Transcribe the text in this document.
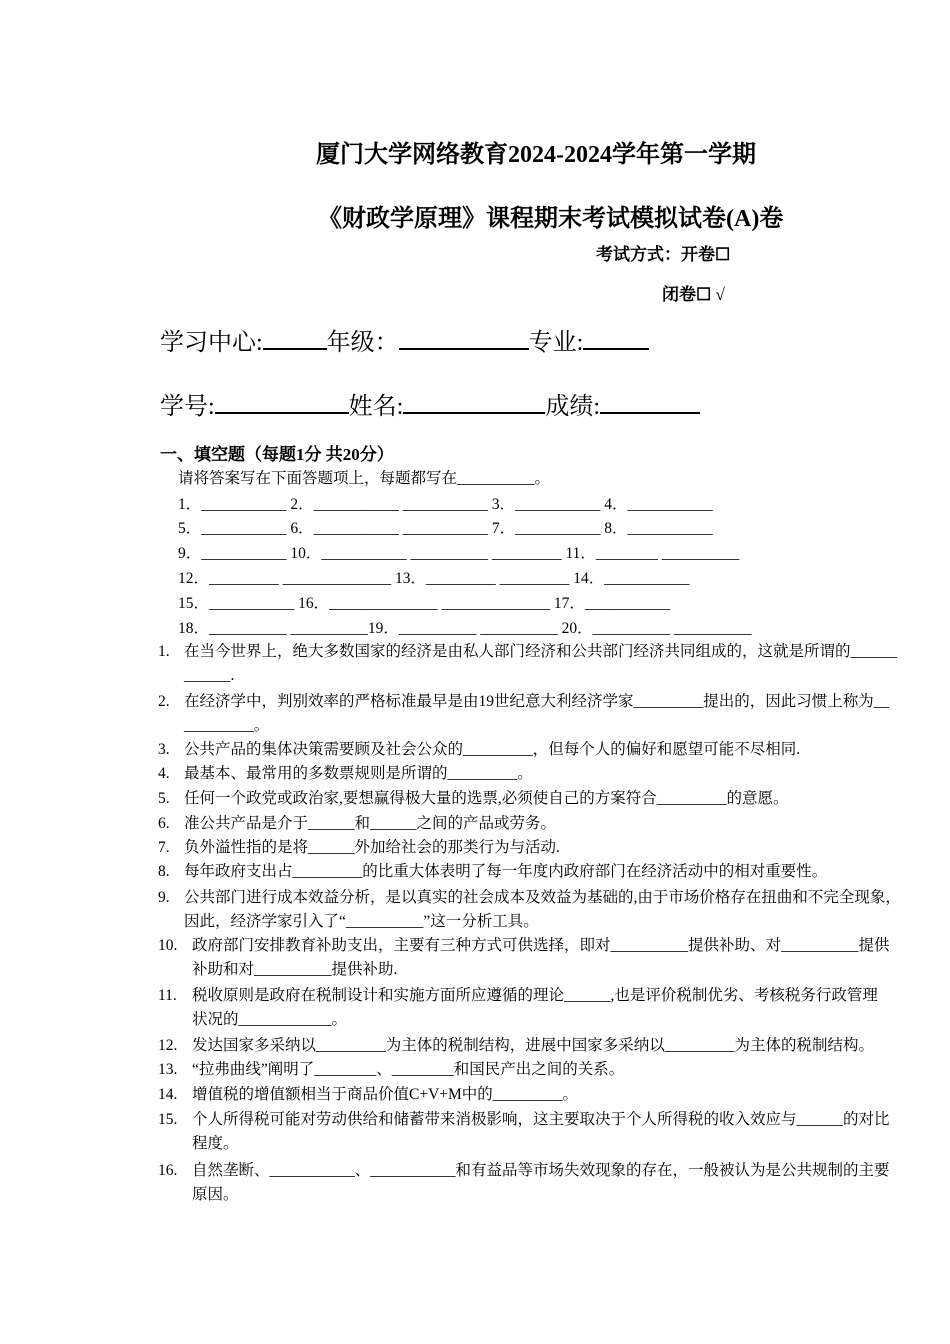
厦门大学网络教育2024-2024学年第一学期
《财政学原理》课程期末考试模拟试卷(A)卷
考试方式：开卷☐
闭卷☐ √
学习中心:	年级：	专业:
学号:	姓名:	成绩:
一、填空题（每题1分 共20分）
请将答案写在下面答题项上，每题都写在__________。
1．___________ 2．___________ ___________ 3．___________ 4．___________
5．___________ 6．___________ ___________ 7．___________ 8．___________
9．___________ 10．___________ __________ _________ 11．________ __________
12．_________ ______________ 13．_________ _________ 14．___________
15．___________ 16．______________ ______________ 17．___________
18．__________ __________19．__________ __________ 20．__________ __________
1. 在当今世界上，绝大多数国家的经济是由私人部门经济和公共部门经济共同组成的，这就是所谓的______
______.
2. 在经济学中，判别效率的严格标准最早是由19世纪意大利经济学家_________提出的，因此习惯上称为__
_________。
3. 公共产品的集体决策需要顾及社会公众的_________，但每个人的偏好和愿望可能不尽相同.
4. 最基本、最常用的多数票规则是所谓的_________。
5. 任何一个政党或政治家,要想赢得极大量的选票,必须使自己的方案符合_________的意愿。
6. 准公共产品是介于______和______之间的产品或劳务。
7. 负外溢性指的是将______外加给社会的那类行为与活动.
8. 每年政府支出占_________的比重大体表明了每一年度内政府部门在经济活动中的相对重要性。
9. 公共部门进行成本效益分析，是以真实的社会成本及效益为基础的,由于市场价格存在扭曲和不完全现象，
因此，经济学家引入了“__________”这一分析工具。
10. 政府部门安排教育补助支出，主要有三种方式可供选择，即对__________提供补助、对__________提供
补助和对__________提供补助.
11. 税收原则是政府在税制设计和实施方面所应遵循的理论______,也是评价税制优劣、考核税务行政管理
状况的____________。
12. 发达国家多采纳以_________为主体的税制结构，进展中国家多采纳以_________为主体的税制结构。
13. “拉弗曲线”阐明了________、________和国民产出之间的关系。
14. 增值税的增值额相当于商品价值C+V+M中的_________。
15. 个人所得税可能对劳动供给和储蓄带来消极影响，这主要取决于个人所得税的收入效应与______的对比
程度。
16. 自然垄断、___________、___________和有益品等市场失效现象的存在，一般被认为是公共规制的主要
原因。
